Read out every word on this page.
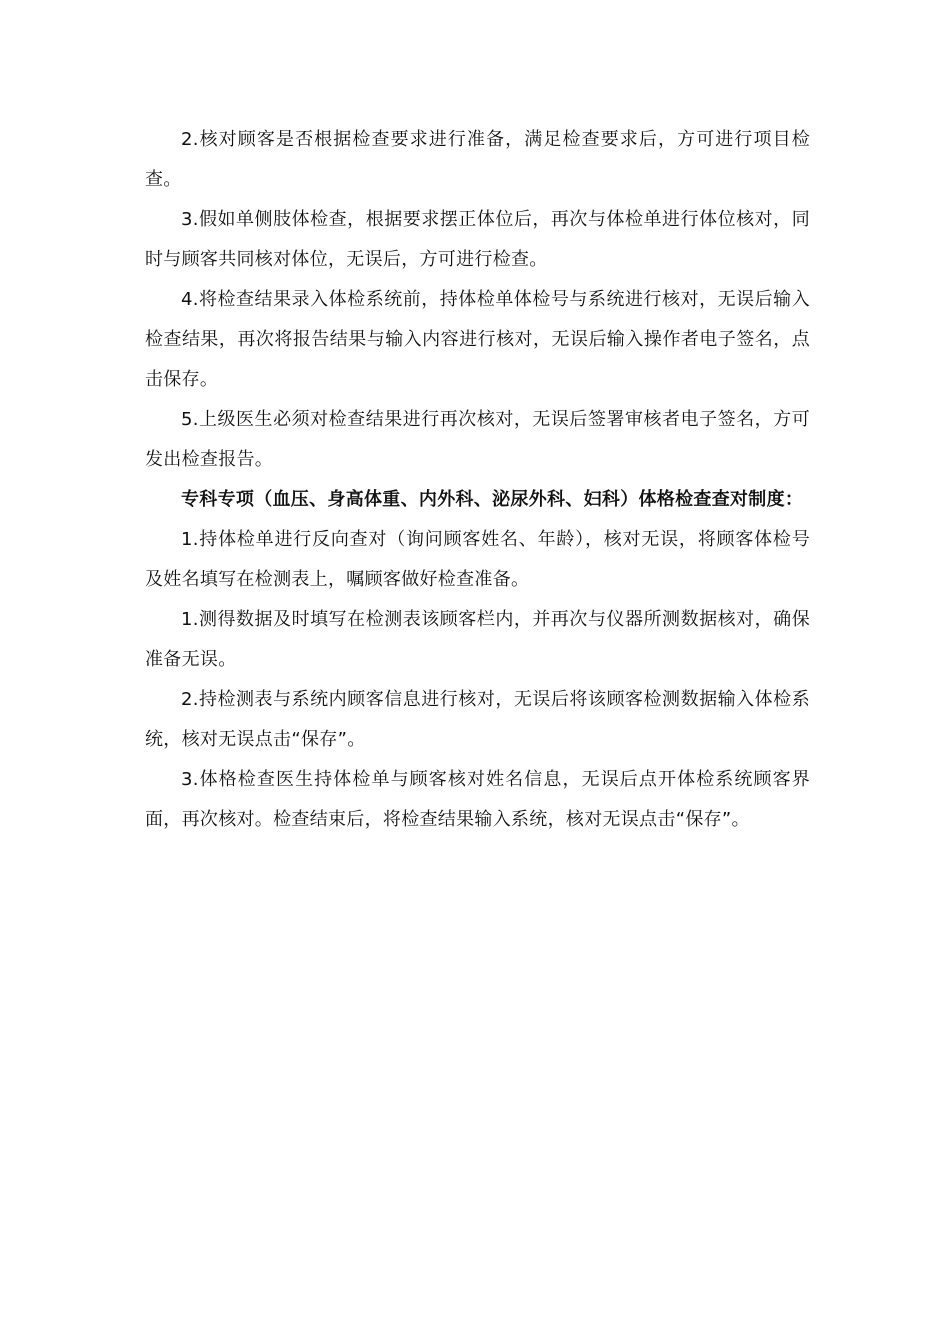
2.核对顾客是否根据检查要求进行准备，满足检查要求后，方可进行项目检查。

3.假如单侧肢体检查，根据要求摆正体位后，再次与体检单进行体位核对，同时与顾客共同核对体位，无误后，方可进行检查。

4.将检查结果录入体检系统前，持体检单体检号与系统进行核对，无误后输入检查结果，再次将报告结果与输入内容进行核对，无误后输入操作者电子签名，点击保存。

5.上级医生必须对检查结果进行再次核对，无误后签署审核者电子签名，方可发出检查报告。

专科专项（血压、身高体重、内外科、泌尿外科、妇科）体格检查查对制度：

1.持体检单进行反向查对（询问顾客姓名、年龄），核对无误，将顾客体检号及姓名填写在检测表上，嘱顾客做好检查准备。

1.测得数据及时填写在检测表该顾客栏内，并再次与仪器所测数据核对，确保准备无误。

2.持检测表与系统内顾客信息进行核对，无误后将该顾客检测数据输入体检系统，核对无误点击“保存”。

3.体格检查医生持体检单与顾客核对姓名信息，无误后点开体检系统顾客界面，再次核对。检查结束后，将检查结果输入系统，核对无误点击“保存”。
